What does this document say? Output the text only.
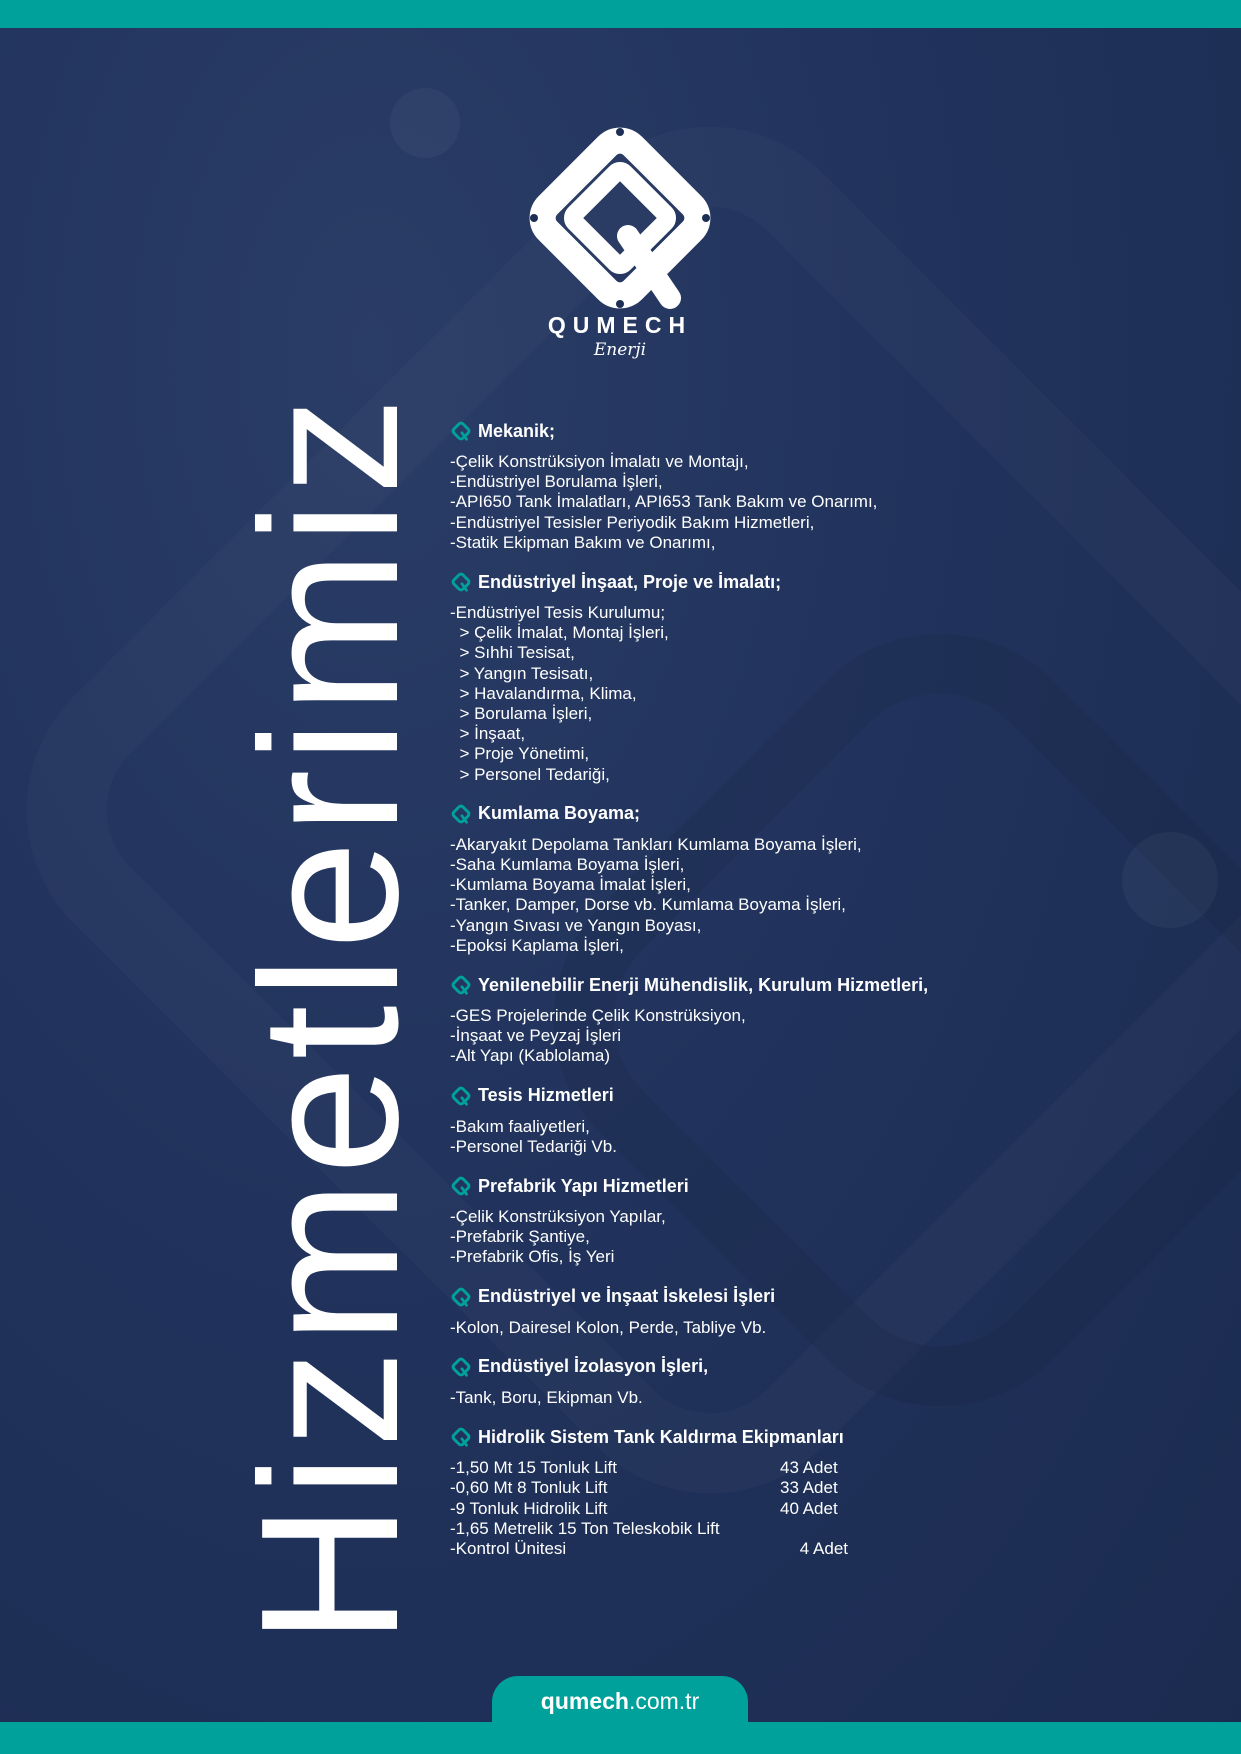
QUMECH
Enerji
Hizmetlerimiz Mekanik;
-Çelik Konstrüksiyon İmalatı ve Montajı,
-Endüstriyel Borulama İşleri,
-API650 Tank İmalatları, API653 Tank Bakım ve Onarımı,
-Endüstriyel Tesisler Periyodik Bakım Hizmetleri,
-Statik Ekipman Bakım ve Onarımı,
Endüstriyel İnşaat, Proje ve İmalatı;
-Endüstriyel Tesis Kurulumu;
> Çelik İmalat, Montaj İşleri,
> Sıhhi Tesisat,
> Yangın Tesisatı,
> Havalandırma, Klima,
> Borulama İşleri,
> İnşaat,
> Proje Yönetimi,
> Personel Tedariği,
Kumlama Boyama;
-Akaryakıt Depolama Tankları Kumlama Boyama İşleri,
-Saha Kumlama Boyama İşleri,
-Kumlama Boyama İmalat İşleri,
-Tanker, Damper, Dorse vb. Kumlama Boyama İşleri,
-Yangın Sıvası ve Yangın Boyası,
-Epoksi Kaplama İşleri,
Yenilenebilir Enerji Mühendislik, Kurulum Hizmetleri,
-GES Projelerinde Çelik Konstrüksiyon,
-İnşaat ve Peyzaj İşleri
-Alt Yapı (Kablolama)
Tesis Hizmetleri
-Bakım faaliyetleri,
-Personel Tedariği Vb.
Prefabrik Yapı Hizmetleri
-Çelik Konstrüksiyon Yapılar,
-Prefabrik Şantiye,
-Prefabrik Ofis, İş Yeri
Endüstriyel ve İnşaat İskelesi İşleri
-Kolon, Dairesel Kolon, Perde, Tabliye Vb.
Endüstiyel İzolasyon İşleri,
-Tank, Boru, Ekipman Vb.
Hidrolik Sistem Tank Kaldırma Ekipmanları
-1,50 Mt 15 Tonluk Lift	43 Adet
-0,60 Mt 8 Tonluk Lift	33 Adet
-9 Tonluk Hidrolik Lift	40 Adet
-1,65 Metrelik 15 Ton Teleskobik Lift
-Kontrol Ünitesi	4 Adet
qumech.com.tr
